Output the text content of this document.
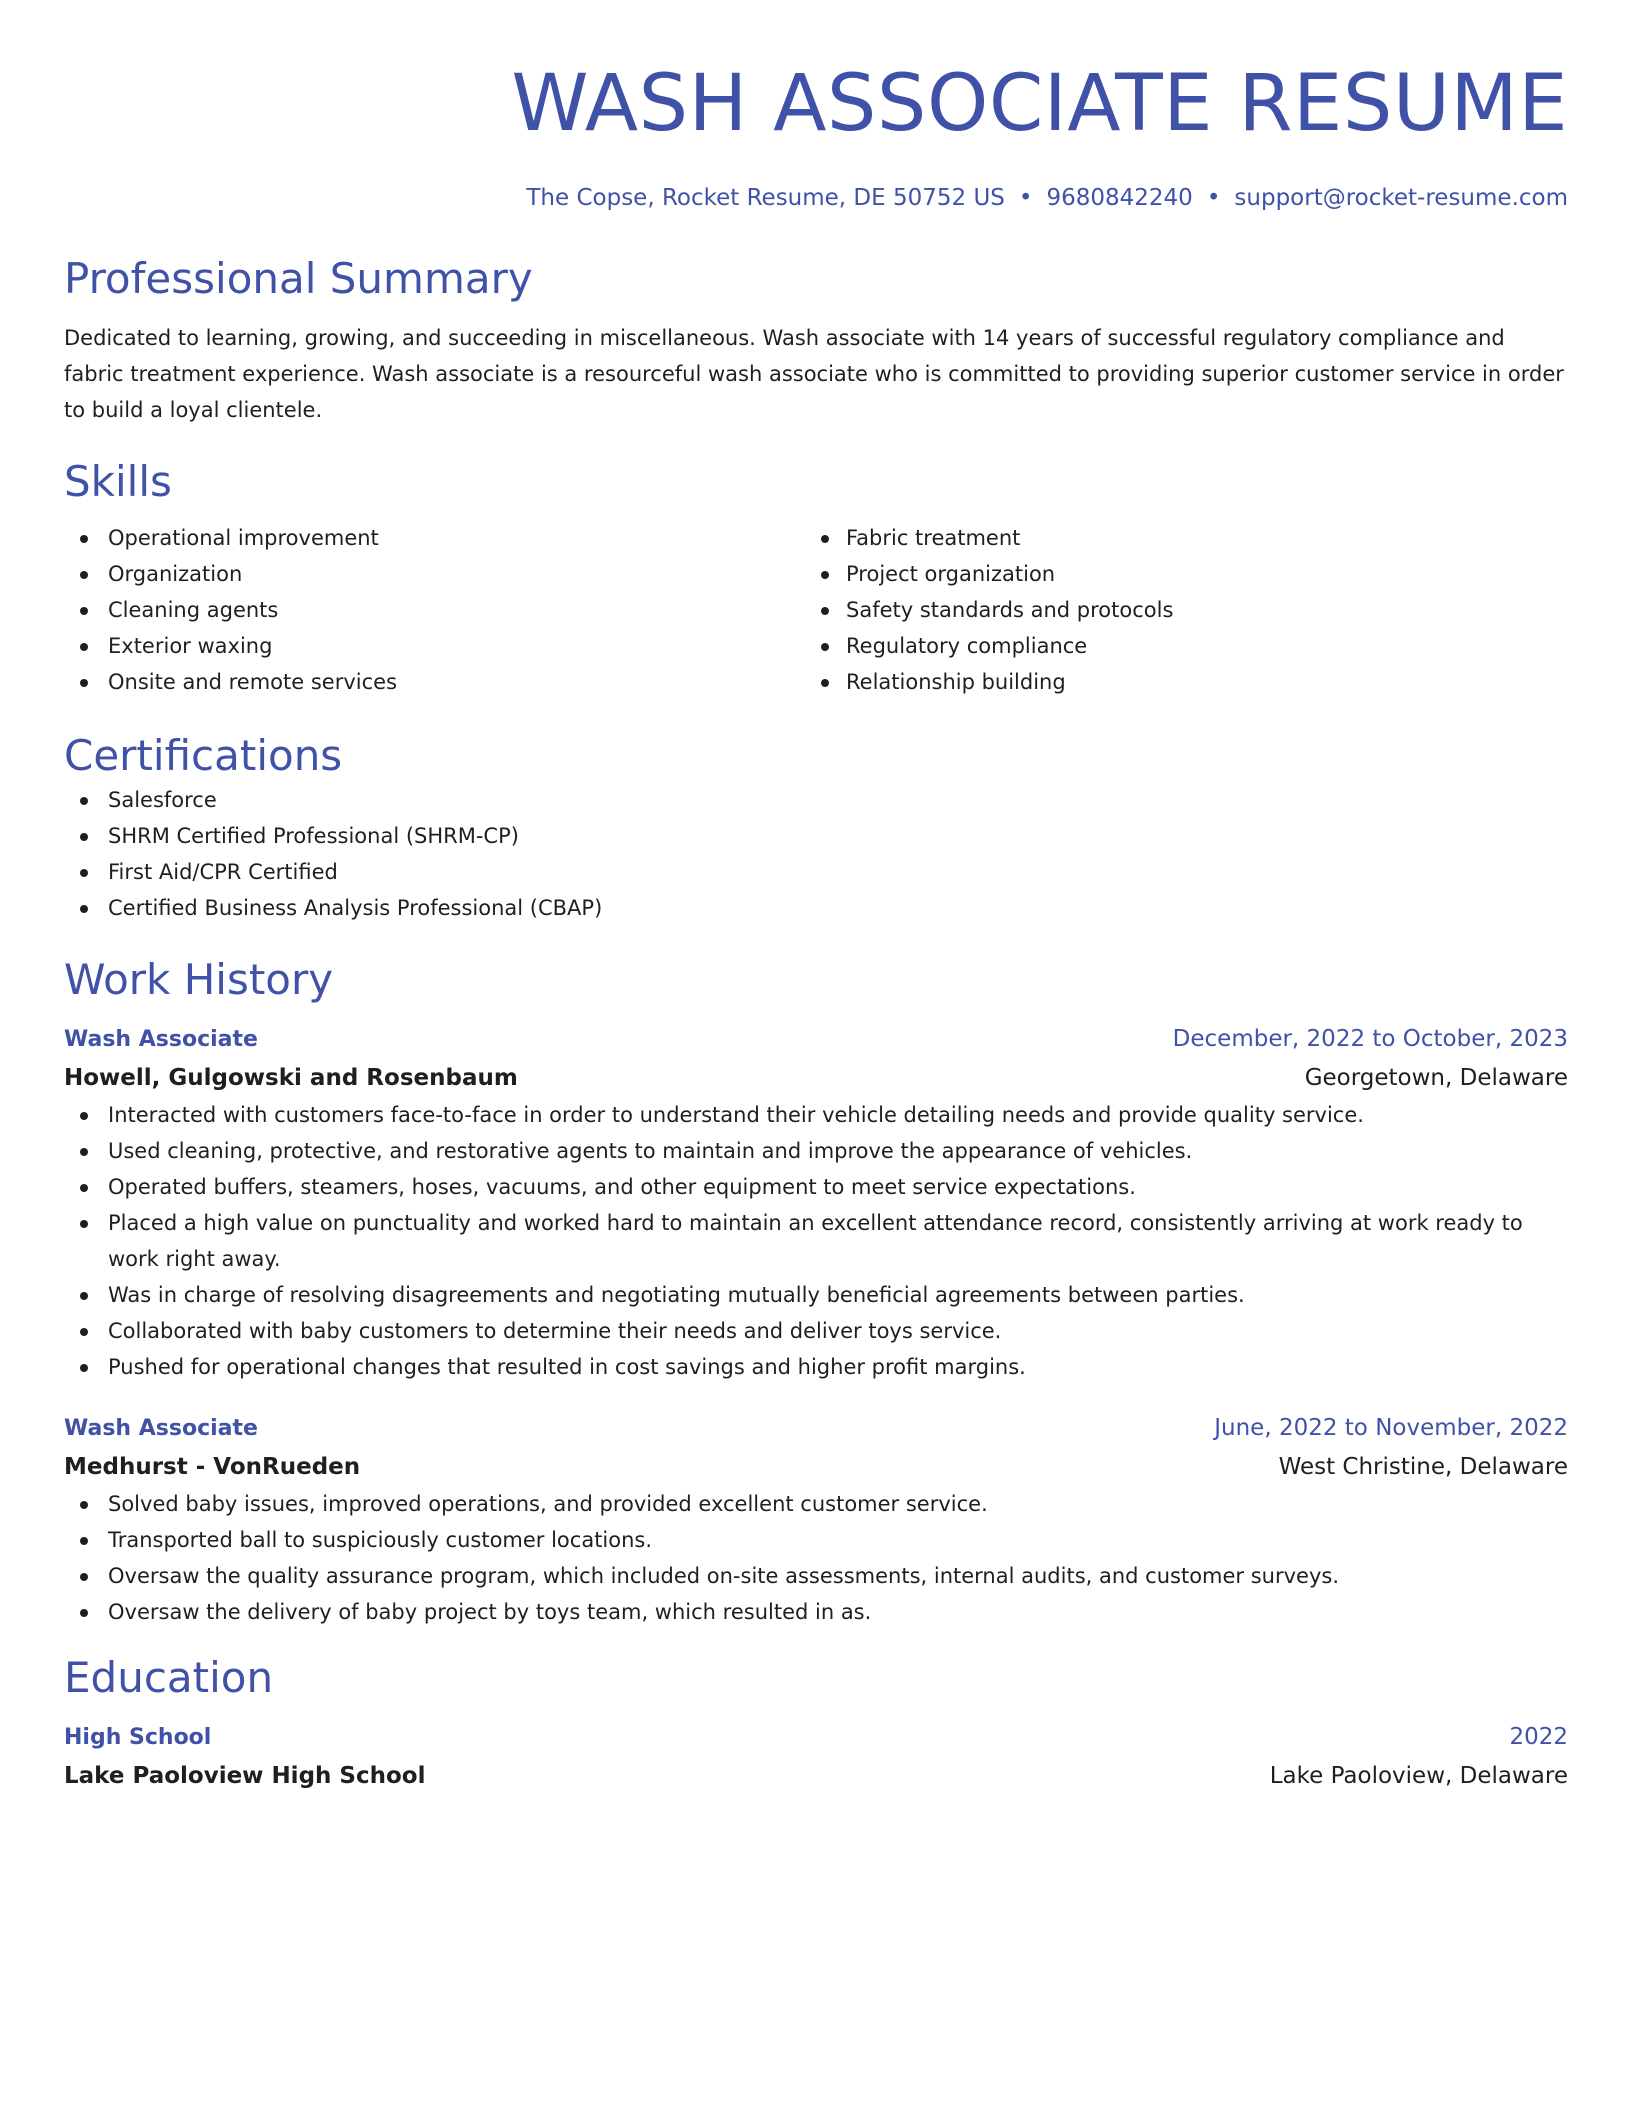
WASH ASSOCIATE RESUME
The Copse, Rocket Resume, DE 50752 US • 9680842240 • support@rocket-resume.com
Professional Summary

Dedicated to learning, growing, and succeeding in miscellaneous. Wash associate with 14 years of successful regulatory compliance and fabric treatment experience. Wash associate is a resourceful wash associate who is committed to providing superior customer service in order to build a loyal clientele.

Skills
Operational improvement
Organization
Cleaning agents
Exterior waxing
Onsite and remote services
Fabric treatment
Project organization
Safety standards and protocols
Regulatory compliance
Relationship building
Certifications
Salesforce
SHRM Certified Professional (SHRM-CP)
First Aid/CPR Certified
Certified Business Analysis Professional (CBAP)
Work History
Wash Associate	December, 2022 to October, 2023
Howell, Gulgowski and Rosenbaum	Georgetown, Delaware
Interacted with customers face-to-face in order to understand their vehicle detailing needs and provide quality service.
Used cleaning, protective, and restorative agents to maintain and improve the appearance of vehicles.
Operated buffers, steamers, hoses, vacuums, and other equipment to meet service expectations.
Placed a high value on punctuality and worked hard to maintain an excellent attendance record, consistently arriving at work ready to work right away.
Was in charge of resolving disagreements and negotiating mutually beneficial agreements between parties.
Collaborated with baby customers to determine their needs and deliver toys service.
Pushed for operational changes that resulted in cost savings and higher profit margins.
Wash Associate	June, 2022 to November, 2022
Medhurst - VonRueden	West Christine, Delaware
Solved baby issues, improved operations, and provided excellent customer service.
Transported ball to suspiciously customer locations.
Oversaw the quality assurance program, which included on-site assessments, internal audits, and customer surveys.
Oversaw the delivery of baby project by toys team, which resulted in as.
Education
High School	2022
Lake Paoloview High School	Lake Paoloview, Delaware
